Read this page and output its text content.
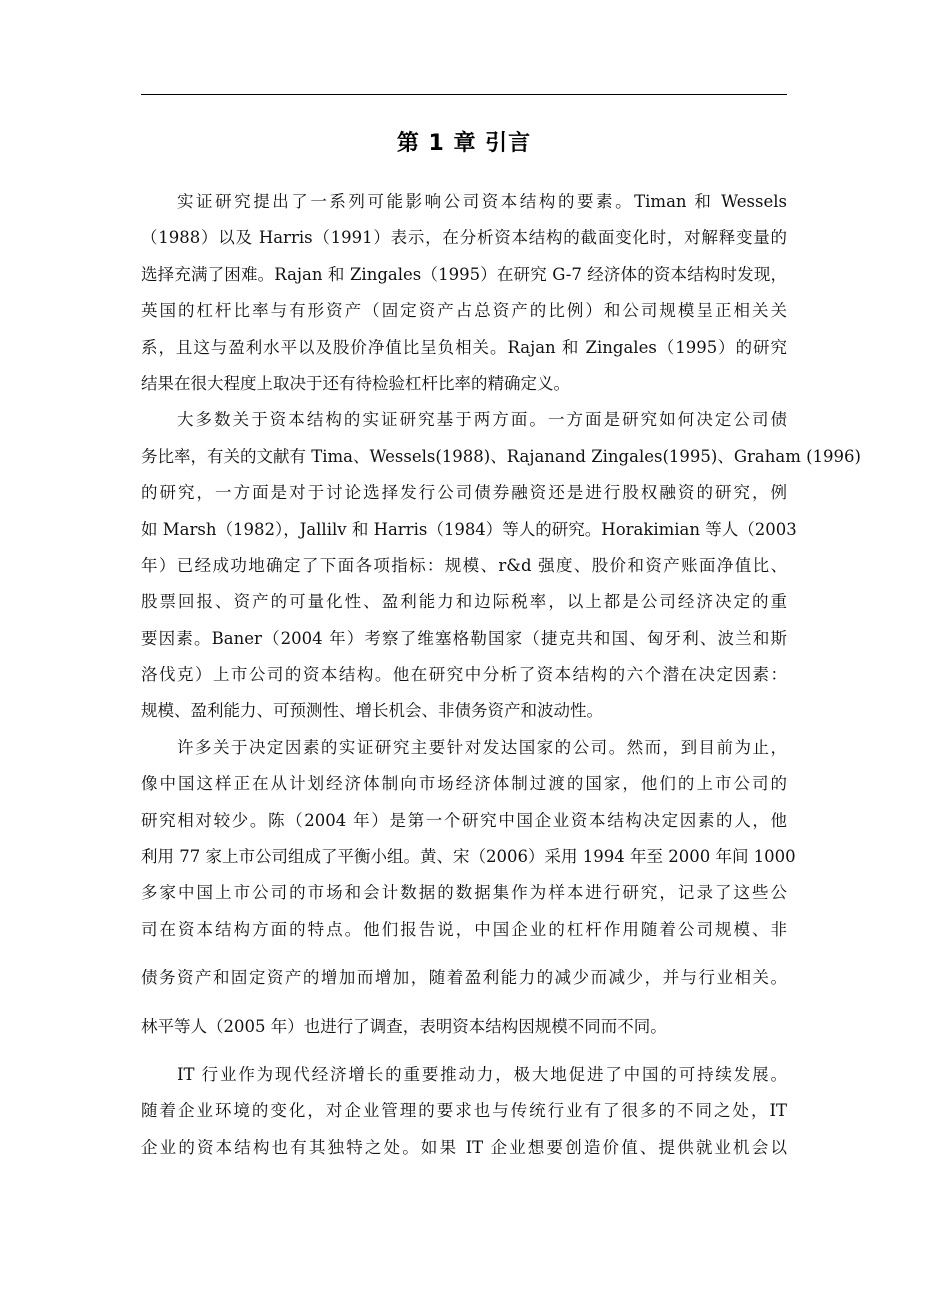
第 1 章 引言
实证研究提出了一系列可能影响公司资本结构的要素。Timan 和 Wessels
（1988）以及 Harris（1991）表示，在分析资本结构的截面变化时，对解释变量的
选择充满了困难。Rajan 和 Zingales（1995）在研究 G-7 经济体的资本结构时发现，
英国的杠杆比率与有形资产（固定资产占总资产的比例）和公司规模呈正相关关
系，且这与盈利水平以及股价净值比呈负相关。Rajan 和 Zingales（1995）的研究
结果在很大程度上取决于还有待检验杠杆比率的精确定义。
大多数关于资本结构的实证研究基于两方面。一方面是研究如何决定公司债
务比率，有关的文献有 Tima、Wessels(1988)、Rajanand Zingales(1995)、Graham (1996)
的研究，一方面是对于讨论选择发行公司债券融资还是进行股权融资的研究，例
如 Marsh（1982），Jallilv 和 Harris（1984）等人的研究。Horakimian 等人（2003
年）已经成功地确定了下面各项指标：规模、r&d 强度、股价和资产账面净值比、
股票回报、资产的可量化性、盈利能力和边际税率，以上都是公司经济决定的重
要因素。Baner（2004 年）考察了维塞格勒国家（捷克共和国、匈牙利、波兰和斯
洛伐克）上市公司的资本结构。他在研究中分析了资本结构的六个潜在决定因素：
规模、盈利能力、可预测性、增长机会、非债务资产和波动性。
许多关于决定因素的实证研究主要针对发达国家的公司。然而，到目前为止，
像中国这样正在从计划经济体制向市场经济体制过渡的国家，他们的上市公司的
研究相对较少。陈（2004 年）是第一个研究中国企业资本结构决定因素的人，他
利用 77 家上市公司组成了平衡小组。黄、宋（2006）采用 1994 年至 2000 年间 1000
多家中国上市公司的市场和会计数据的数据集作为样本进行研究，记录了这些公
司在资本结构方面的特点。他们报告说，中国企业的杠杆作用随着公司规模、非
债务资产和固定资产的增加而增加，随着盈利能力的减少而减少，并与行业相关。
林平等人（2005 年）也进行了调查，表明资本结构因规模不同而不同。
IT 行业作为现代经济增长的重要推动力，极大地促进了中国的可持续发展。
随着企业环境的变化，对企业管理的要求也与传统行业有了很多的不同之处，IT
企业的资本结构也有其独特之处。如果 IT 企业想要创造价值、提供就业机会以
